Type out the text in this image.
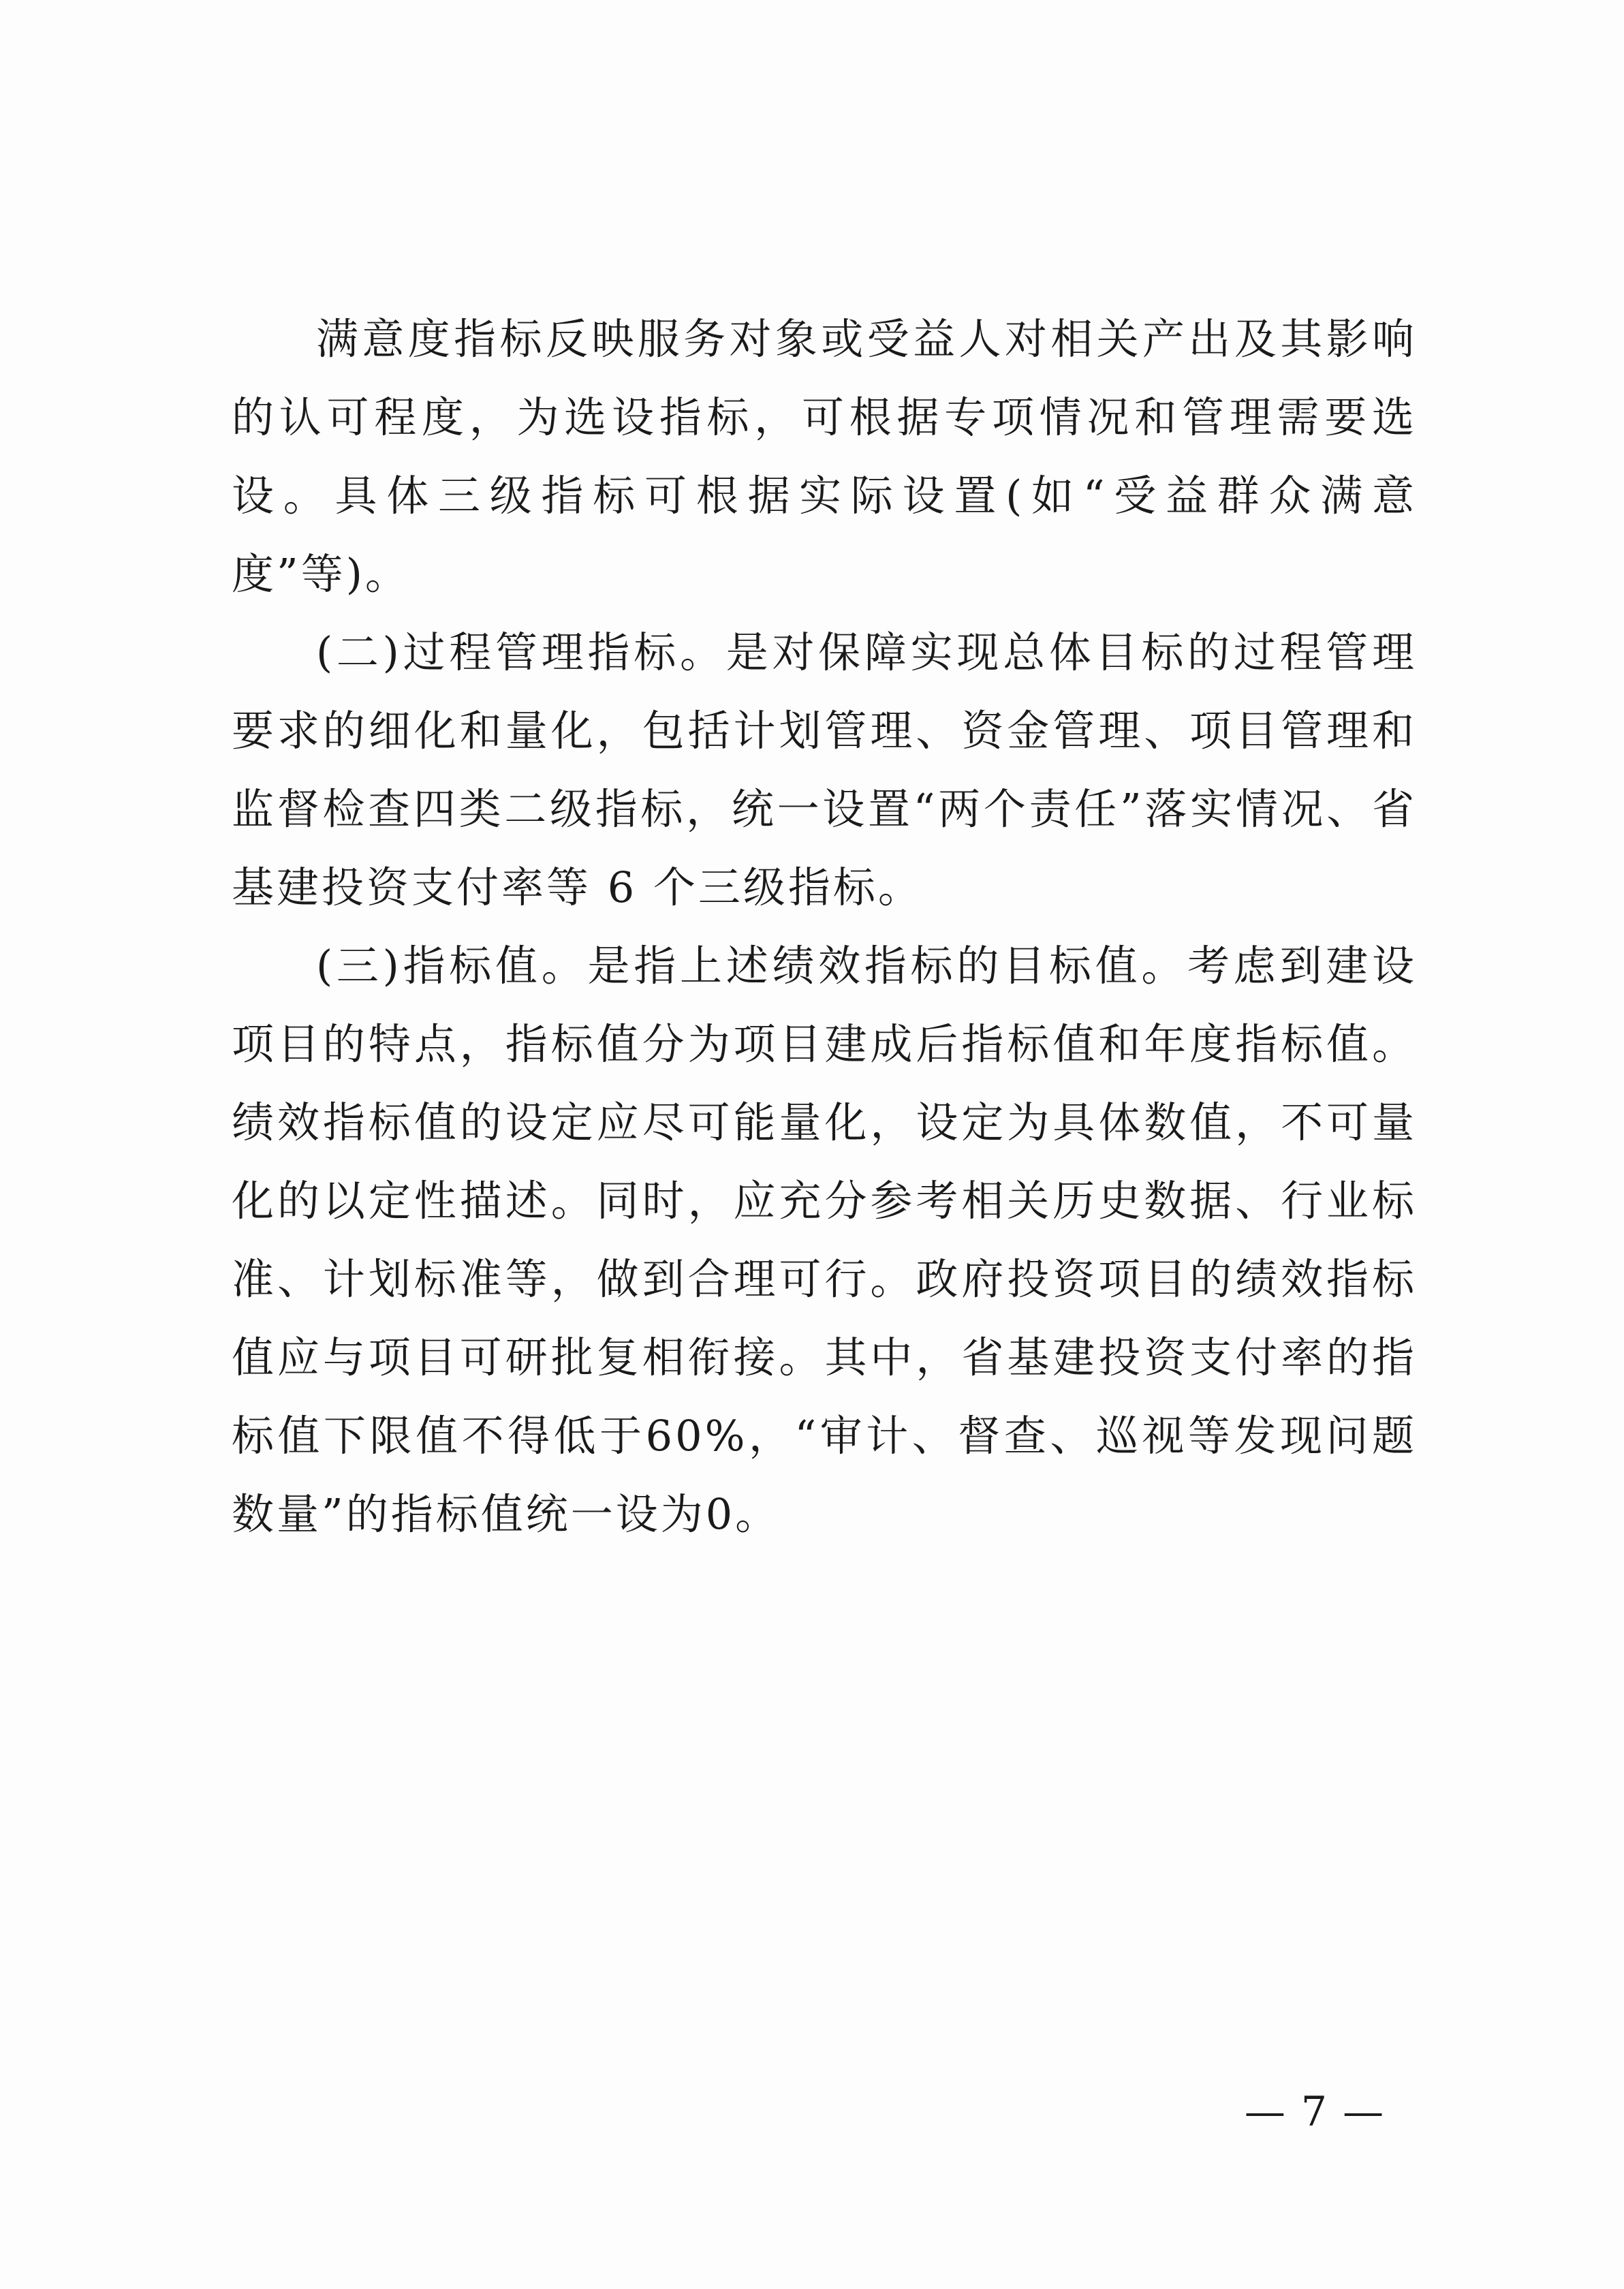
满意度指标反映服务对象或受益人对相关产出及其影响的认可程度，为选设指标，可根据专项情况和管理需要选设。具体三级指标可根据实际设置(如“受益群众满意度”等)。

(二)过程管理指标。是对保障实现总体目标的过程管理要求的细化和量化，包括计划管理、资金管理、项目管理和监督检查四类二级指标，统一设置“两个责任”落实情况、省基建投资支付率等 6 个三级指标。

(三)指标值。是指上述绩效指标的目标值。考虑到建设项目的特点，指标值分为项目建成后指标值和年度指标值。绩效指标值的设定应尽可能量化，设定为具体数值，不可量化的以定性描述。同时，应充分参考相关历史数据、行业标准、计划标准等，做到合理可行。政府投资项目的绩效指标值应与项目可研批复相衔接。其中，省基建投资支付率的指标值下限值不得低于60%，“审计、督查、巡视等发现问题数量”的指标值统一设为0。

— 7 —
